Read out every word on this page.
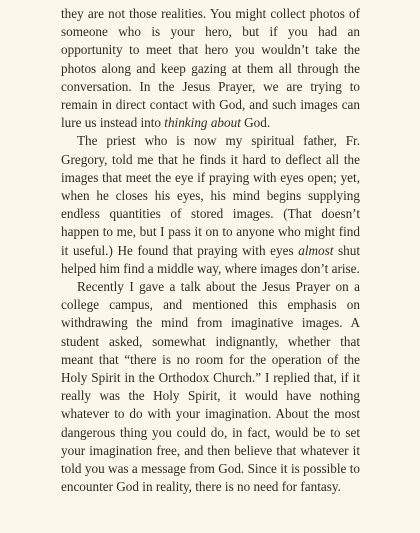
they are not those realities. You might collect photos of someone who is your hero, but if you had an opportunity to meet that hero you wouldn’t take the photos along and keep gazing at them all through the conversation. In the Jesus Prayer, we are trying to remain in direct contact with God, and such images can lure us instead into thinking about God.

The priest who is now my spiritual father, Fr. Gregory, told me that he finds it hard to deflect all the images that meet the eye if praying with eyes open; yet, when he closes his eyes, his mind begins supplying endless quantities of stored images. (That doesn’t happen to me, but I pass it on to anyone who might find it useful.) He found that praying with eyes almost shut helped him find a middle way, where images don’t arise.

Recently I gave a talk about the Jesus Prayer on a college campus, and mentioned this emphasis on withdrawing the mind from imaginative images. A student asked, somewhat indignantly, whether that meant that “there is no room for the operation of the Holy Spirit in the Orthodox Church.” I replied that, if it really was the Holy Spirit, it would have nothing whatever to do with your imagination. About the most dangerous thing you could do, in fact, would be to set your imagination free, and then believe that whatever it told you was a message from God. Since it is possible to encounter God in reality, there is no need for fantasy.
